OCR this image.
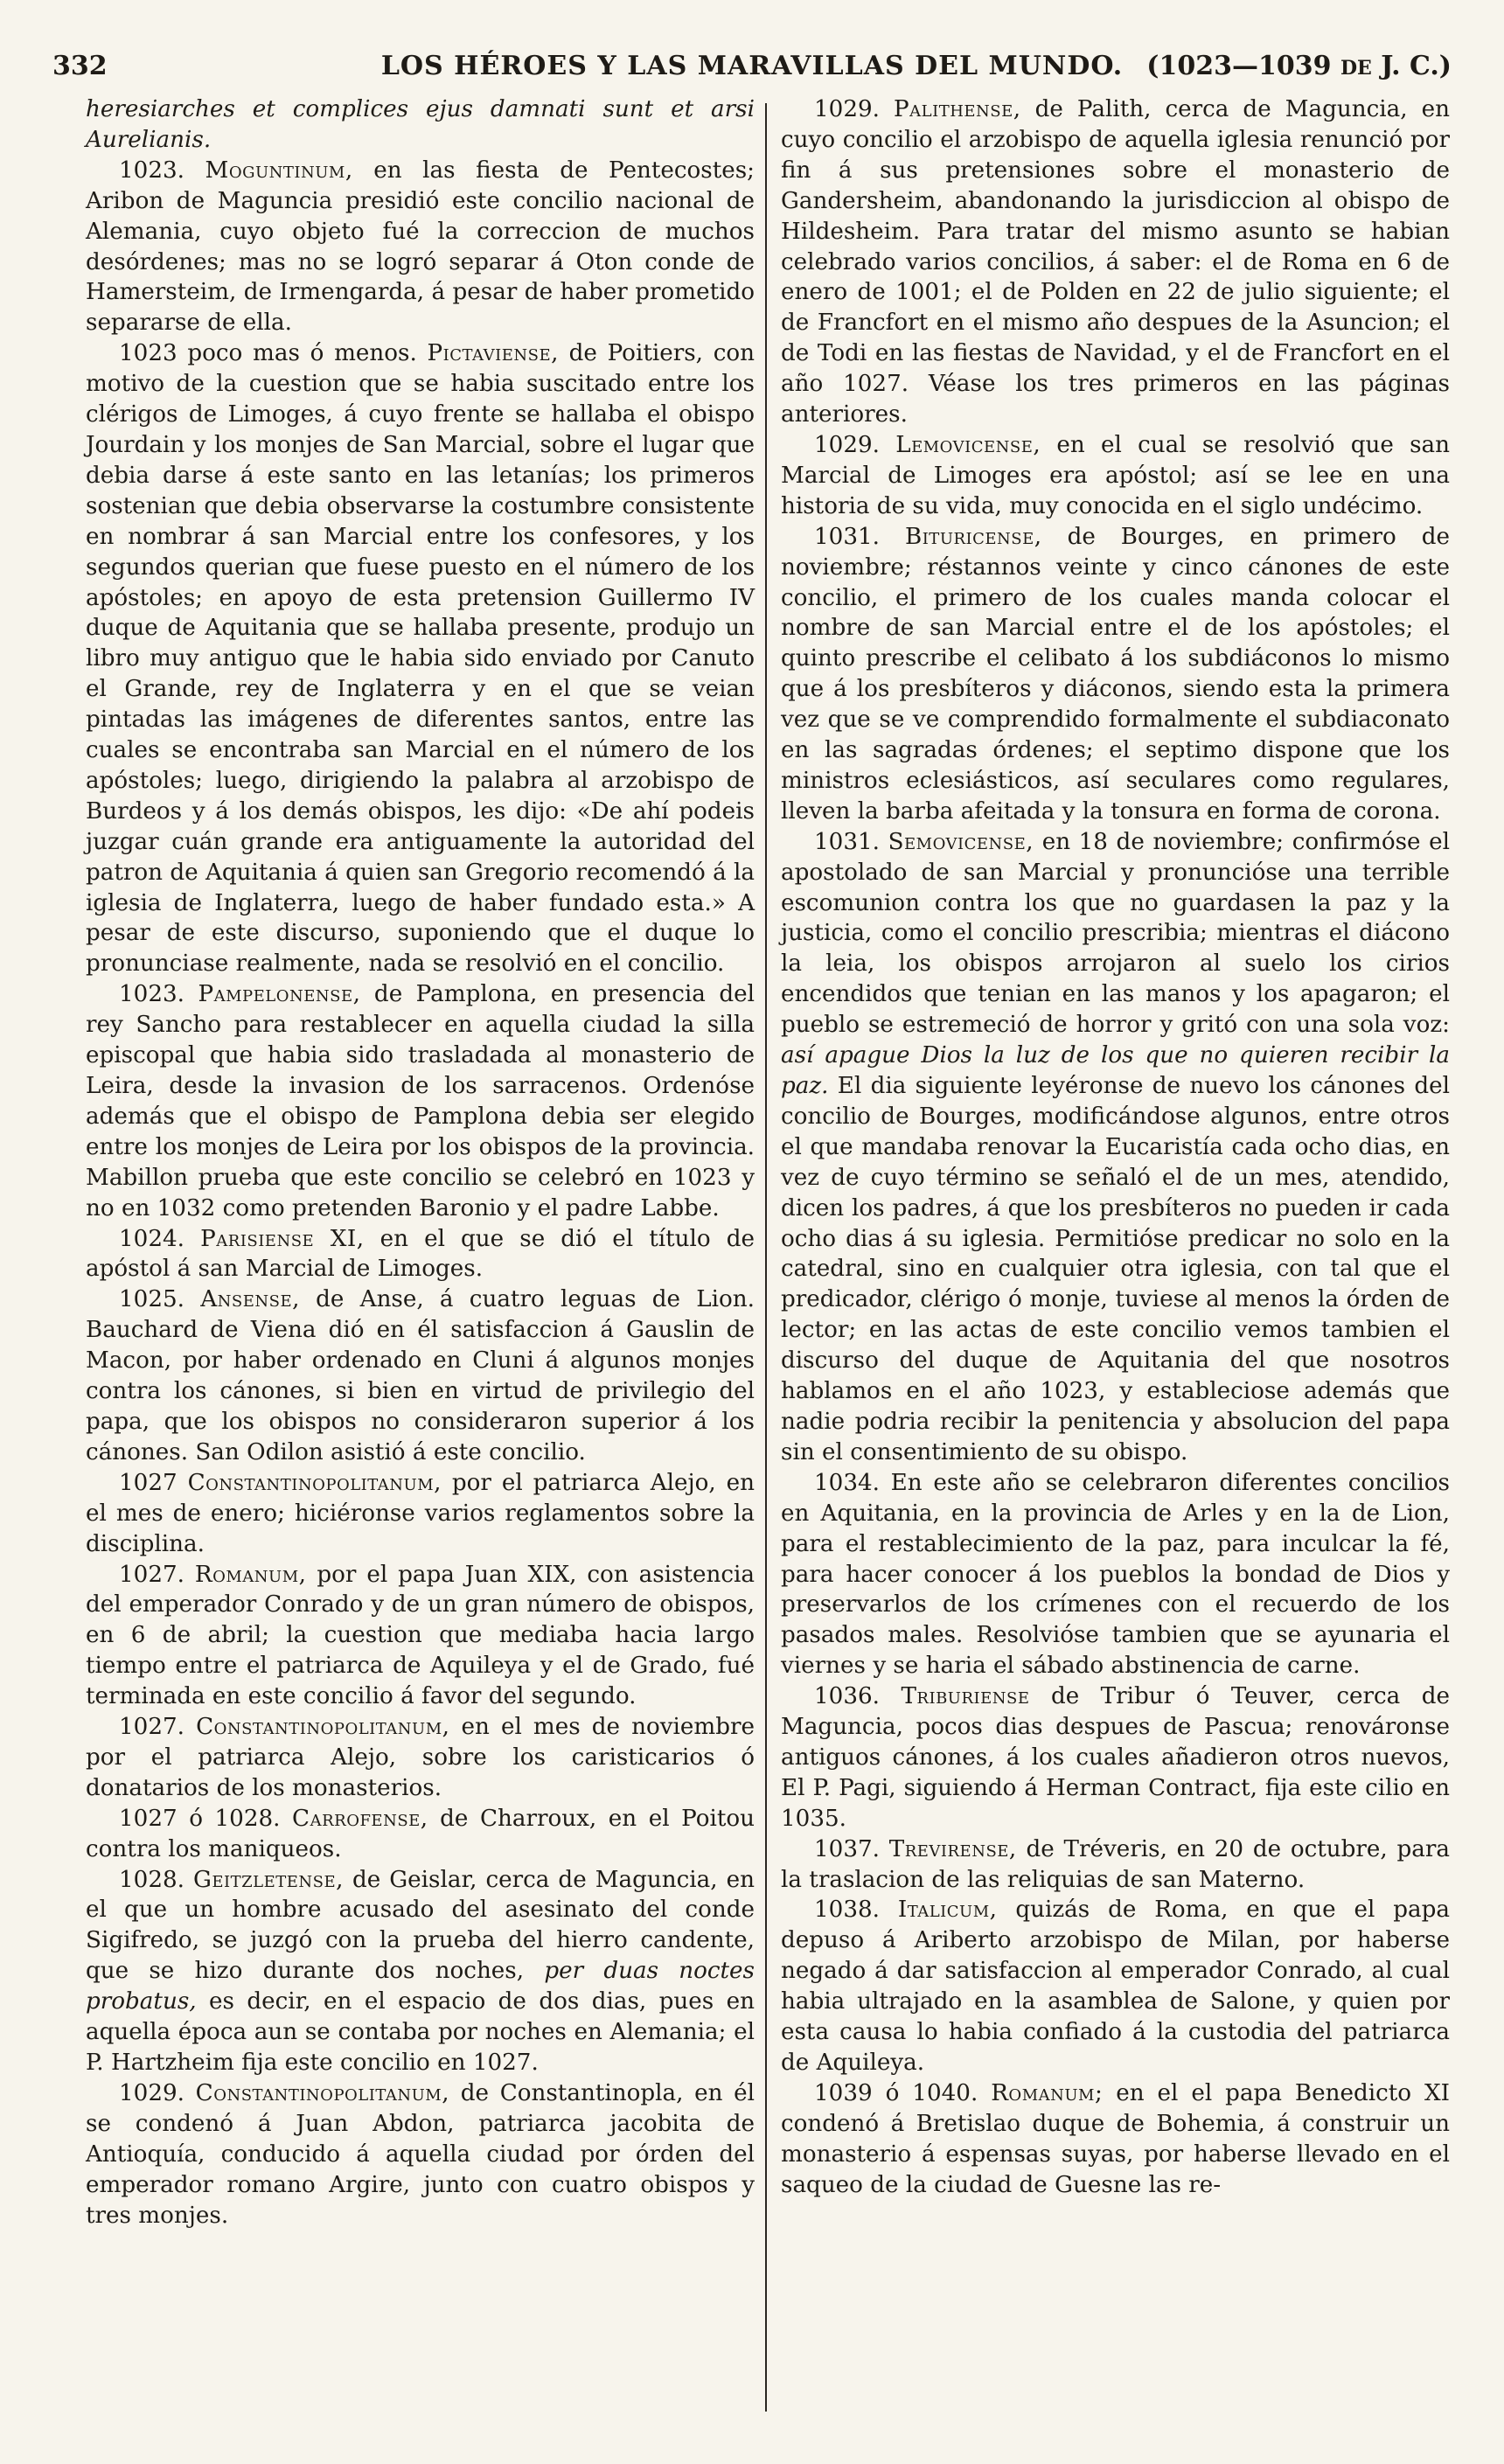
332	LOS HÉROES Y LAS MARAVILLAS DEL MUNDO. (1023—1039 DE J. C.)

heresiarches et complices ejus damnati sunt et arsi Aurelianis.

1023. Moguntinum, en las fiesta de Pentecostes; Aribon de Maguncia presidió este concilio nacional de Alemania, cuyo objeto fué la correccion de muchos desórdenes; mas no se logró separar á Oton conde de Hamersteim, de Irmengarda, á pesar de haber prometido separarse de ella.

1023 poco mas ó menos. Pictaviense, de Poitiers, con motivo de la cuestion que se habia suscitado entre los clérigos de Limoges, á cuyo frente se hallaba el obispo Jourdain y los monjes de San Marcial, sobre el lugar que debia darse á este santo en las letanías; los primeros sostenian que debia observarse la costumbre consistente en nombrar á san Marcial entre los confesores, y los segundos querian que fuese puesto en el número de los apóstoles; en apoyo de esta pretension Guillermo IV duque de Aquitania que se hallaba presente, produjo un libro muy antiguo que le habia sido enviado por Canuto el Grande, rey de Inglaterra y en el que se veian pintadas las imágenes de diferentes santos, entre las cuales se encontraba san Marcial en el número de los apóstoles; luego, dirigiendo la palabra al arzobispo de Burdeos y á los demás obispos, les dijo: «De ahí podeis juzgar cuán grande era antiguamente la autoridad del patron de Aquitania á quien san Gregorio recomendó á la iglesia de Inglaterra, luego de haber fundado esta.» A pesar de este discurso, suponiendo que el duque lo pronunciase realmente, nada se resolvió en el concilio.

1023. Pampelonense, de Pamplona, en presencia del rey Sancho para restablecer en aquella ciudad la silla episcopal que habia sido trasladada al monasterio de Leira, desde la invasion de los sarracenos. Ordenóse además que el obispo de Pamplona debia ser elegido entre los monjes de Leira por los obispos de la provincia. Mabillon prueba que este concilio se celebró en 1023 y no en 1032 como pretenden Baronio y el padre Labbe.

1024. Parisiense XI, en el que se dió el título de apóstol á san Marcial de Limoges.

1025. Ansense, de Anse, á cuatro leguas de Lion. Bauchard de Viena dió en él satisfaccion á Gauslin de Macon, por haber ordenado en Cluni á algunos monjes contra los cánones, si bien en virtud de privilegio del papa, que los obispos no consideraron superior á los cánones. San Odilon asistió á este concilio.

1027 Constantinopolitanum, por el patriarca Alejo, en el mes de enero; hiciéronse varios reglamentos sobre la disciplina.

1027. Romanum, por el papa Juan XIX, con asistencia del emperador Conrado y de un gran número de obispos, en 6 de abril; la cuestion que mediaba hacia largo tiempo entre el patriarca de Aquileya y el de Grado, fué terminada en este concilio á favor del segundo.

1027. Constantinopolitanum, en el mes de noviembre por el patriarca Alejo, sobre los caristicarios ó donatarios de los monasterios.

1027 ó 1028. Carrofense, de Charroux, en el Poitou contra los maniqueos.

1028. Geitzletense, de Geislar, cerca de Maguncia, en el que un hombre acusado del asesinato del conde Sigifredo, se juzgó con la prueba del hierro candente, que se hizo durante dos noches, per duas noctes probatus, es decir, en el espacio de dos dias, pues en aquella época aun se contaba por noches en Alemania; el P. Hartzheim fija este concilio en 1027.

1029. Constantinopolitanum, de Constantinopla, en él se condenó á Juan Abdon, patriarca jacobita de Antioquía, conducido á aquella ciudad por órden del emperador romano Argire, junto con cuatro obispos y tres monjes.

1029. Palithense, de Palith, cerca de Maguncia, en cuyo concilio el arzobispo de aquella iglesia renunció por fin á sus pretensiones sobre el monasterio de Gandersheim, abandonando la jurisdiccion al obispo de Hildesheim. Para tratar del mismo asunto se habian celebrado varios concilios, á saber: el de Roma en 6 de enero de 1001; el de Polden en 22 de julio siguiente; el de Francfort en el mismo año despues de la Asuncion; el de Todi en las fiestas de Navidad, y el de Francfort en el año 1027. Véase los tres primeros en las páginas anteriores.

1029. Lemovicense, en el cual se resolvió que san Marcial de Limoges era apóstol; así se lee en una historia de su vida, muy conocida en el siglo undécimo.

1031. Bituricense, de Bourges, en primero de noviembre; réstannos veinte y cinco cánones de este concilio, el primero de los cuales manda colocar el nombre de san Marcial entre el de los apóstoles; el quinto prescribe el celibato á los subdiáconos lo mismo que á los presbíteros y diáconos, siendo esta la primera vez que se ve comprendido formalmente el subdiaconato en las sagradas órdenes; el septimo dispone que los ministros eclesiásticos, así seculares como regulares, lleven la barba afeitada y la tonsura en forma de corona.

1031. Semovicense, en 18 de noviembre; confirmóse el apostolado de san Marcial y pronuncióse una terrible escomunion contra los que no guardasen la paz y la justicia, como el concilio prescribia; mientras el diácono la leia, los obispos arrojaron al suelo los cirios encendidos que tenian en las manos y los apagaron; el pueblo se estremeció de horror y gritó con una sola voz: así apague Dios la luz de los que no quieren recibir la paz. El dia siguiente leyéronse de nuevo los cánones del concilio de Bourges, modificándose algunos, entre otros el que mandaba renovar la Eucaristía cada ocho dias, en vez de cuyo término se señaló el de un mes, atendido, dicen los padres, á que los presbíteros no pueden ir cada ocho dias á su iglesia. Permitióse predicar no solo en la catedral, sino en cualquier otra iglesia, con tal que el predicador, clérigo ó monje, tuviese al menos la órden de lector; en las actas de este concilio vemos tambien el discurso del duque de Aquitania del que nosotros hablamos en el año 1023, y estableciose además que nadie podria recibir la penitencia y absolucion del papa sin el consentimiento de su obispo.

1034. En este año se celebraron diferentes concilios en Aquitania, en la provincia de Arles y en la de Lion, para el restablecimiento de la paz, para inculcar la fé, para hacer conocer á los pueblos la bondad de Dios y preservarlos de los crímenes con el recuerdo de los pasados males. Resolvióse tambien que se ayunaria el viernes y se haria el sábado abstinencia de carne.

1036. Triburiense de Tribur ó Teuver, cerca de Maguncia, pocos dias despues de Pascua; renováronse antiguos cánones, á los cuales añadieron otros nuevos, El P. Pagi, siguiendo á Herman Contract, fija este cilio en 1035.

1037. Trevirense, de Tréveris, en 20 de octubre, para la traslacion de las reliquias de san Materno.

1038. Italicum, quizás de Roma, en que el papa depuso á Ariberto arzobispo de Milan, por haberse negado á dar satisfaccion al emperador Conrado, al cual habia ultrajado en la asamblea de Salone, y quien por esta causa lo habia confiado á la custodia del patriarca de Aquileya.

1039 ó 1040. Romanum; en el el papa Benedicto XI condenó á Bretislao duque de Bohemia, á construir un monasterio á espensas suyas, por haberse llevado en el saqueo de la ciudad de Guesne las re-
